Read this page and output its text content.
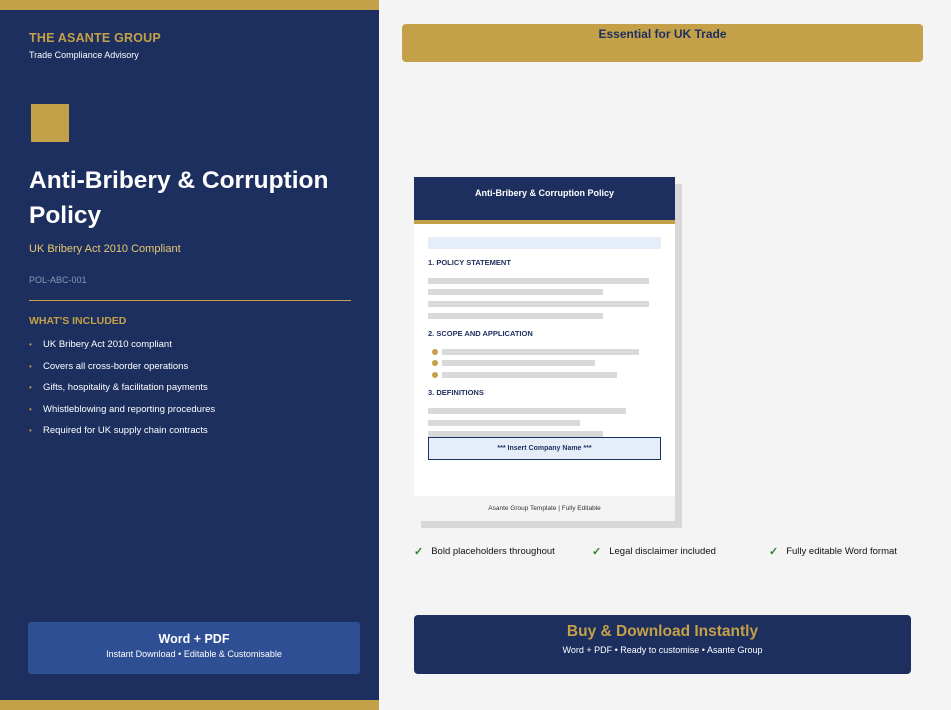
THE ASANTE GROUP
Trade Compliance Advisory
Anti-Bribery & Corruption Policy
UK Bribery Act 2010 Compliant
POL-ABC-001
WHAT'S INCLUDED
•	UK Bribery Act 2010 compliant
•	Covers all cross-border operations
•	Gifts, hospitality & facilitation payments
•	Whistleblowing and reporting procedures
•	Required for UK supply chain contracts
Word + PDF
Instant Download • Editable & Customisable
Essential for UK Trade
Anti-Bribery & Corruption Policy
1. POLICY STATEMENT
2. SCOPE AND APPLICATION
3. DEFINITIONS
*** Insert Company Name ***
Asante Group Template | Fully Editable
✓ Bold placeholders throughout	✓ Legal disclaimer included	✓ Fully editable Word format
Buy & Download Instantly
Word + PDF • Ready to customise • Asante Group
